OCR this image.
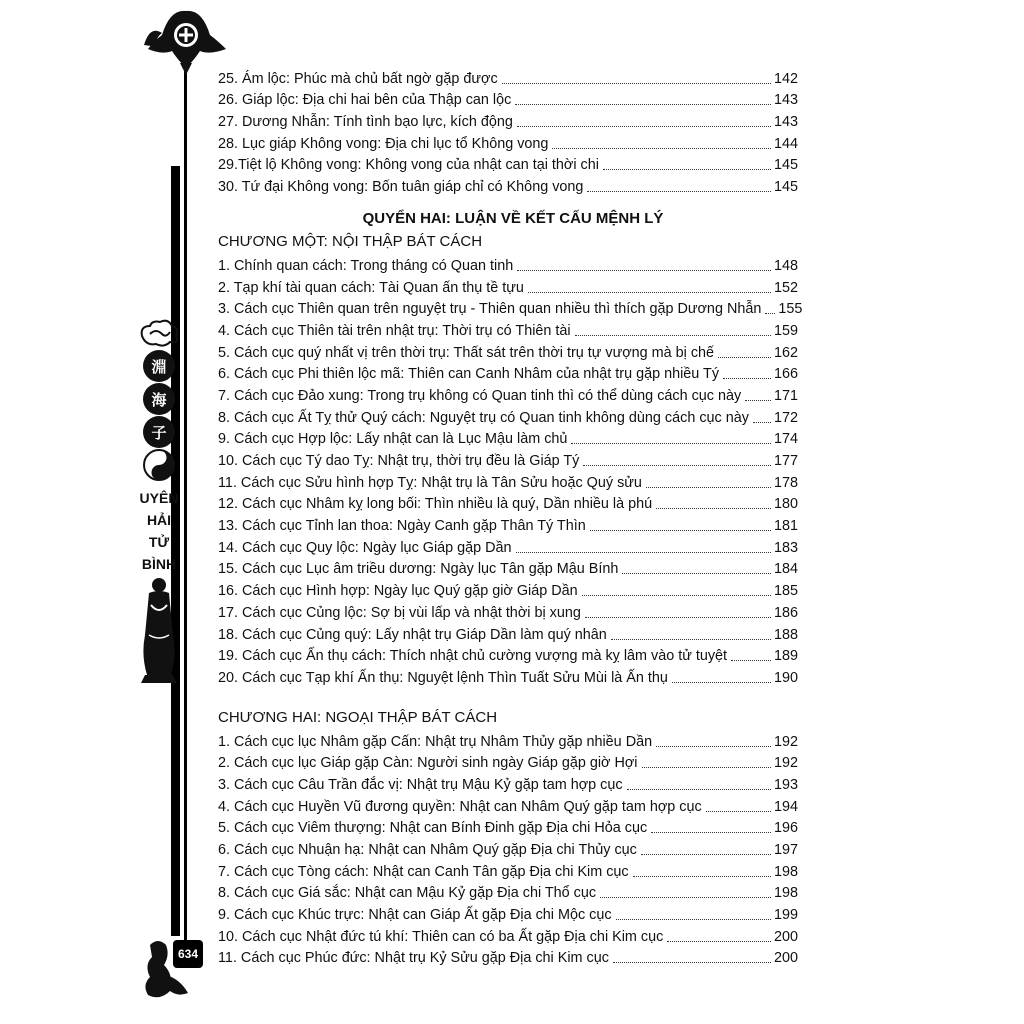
淵
海
子
UYÊN
HẢI
TỬ
BÌNH
634
25. Ám lộc: Phúc mà chủ bất ngờ gặp được	142
26. Giáp lộc: Địa chi hai bên của Thập can lộc	143
27. Dương Nhẫn: Tính tình bạo lực, kích động	143
28. Lục giáp Không vong: Địa chi lục tổ Không vong	144
29.Tiệt lộ Không vong: Không vong của nhật can tại thời chi	145
30. Tứ đại Không vong: Bốn tuân giáp chỉ có Không vong	145
QUYỂN HAI: LUẬN VỀ KẾT CẤU MỆNH LÝ
CHƯƠNG MỘT: NỘI THẬP BÁT CÁCH
1. Chính quan cách: Trong tháng có Quan tinh	148
2. Tạp khí tài quan cách: Tài Quan ấn thụ tề tựu	152
3. Cách cục Thiên quan trên nguyệt trụ - Thiên quan nhiều thì thích gặp Dương Nhẫn 155
4. Cách cục Thiên tài trên nhật trụ: Thời trụ có Thiên tài	159
5. Cách cục quý nhất vị trên thời trụ: Thất sát trên thời trụ tự vượng mà bị chế	162
6. Cách cục Phi thiên lộc mã: Thiên can Canh Nhâm của nhật trụ gặp nhiều Tý	166
7. Cách cục Đảo xung: Trong trụ không có Quan tinh thì có thể dùng cách cục này 171
8. Cách cục Ất Tỵ thử Quý cách: Nguyệt trụ có Quan tinh không dùng cách cục này 172
9. Cách cục Hợp lộc: Lấy nhật can là Lục Mậu làm chủ	174
10. Cách cục Tý dao Tỵ: Nhật trụ, thời trụ đều là Giáp Tý	177
11. Cách cục Sửu hình hợp Tỵ: Nhật trụ là Tân Sửu hoặc Quý sửu	178
12. Cách cục Nhâm kỵ long bối: Thìn nhiều là quý, Dần nhiều là phú	180
13. Cách cục Tỉnh lan thoa: Ngày Canh gặp Thân Tý Thìn	181
14. Cách cục Quy lộc: Ngày lục Giáp gặp Dần	183
15. Cách cục Lục âm triều dương: Ngày lục Tân gặp Mậu Bính	184
16. Cách cục Hình hợp: Ngày lục Quý gặp giờ Giáp Dần	185
17. Cách cục Củng lộc: Sợ bị vùi lấp và nhật thời bị xung	186
18. Cách cục Củng quý: Lấy nhật trụ Giáp Dần làm quý nhân	188
19. Cách cục Ấn thụ cách: Thích nhật chủ cường vượng mà kỵ lâm vào tử tuyệt	189
20. Cách cục Tạp khí Ấn thụ: Nguyệt lệnh Thìn Tuất Sửu Mùi là Ấn thụ	190
CHƯƠNG HAI: NGOẠI THẬP BÁT CÁCH
1. Cách cục lục Nhâm gặp Cấn: Nhật trụ Nhâm Thủy gặp nhiều Dần	192
2. Cách cục lục Giáp gặp Càn: Người sinh ngày Giáp gặp giờ Hợi	192
3. Cách cục Câu Trần đắc vị: Nhật trụ Mậu Kỷ gặp tam hợp cục	193
4. Cách cục Huyền Vũ đương quyền: Nhật can Nhâm Quý gặp tam hợp cục	194
5. Cách cục Viêm thượng: Nhật can Bính Đinh gặp Địa chi Hỏa cục	196
6. Cách cục Nhuận hạ: Nhật can Nhâm Quý gặp Địa chi Thủy cục	197
7. Cách cục Tòng cách: Nhật can Canh Tân gặp Địa chi Kim cục	198
8. Cách cục Giá sắc: Nhật can Mậu Kỷ gặp Địa chi Thổ cục	198
9. Cách cục Khúc trực: Nhật can Giáp Ất gặp Địa chi Mộc cục	199
10. Cách cục Nhật đức tú khí: Thiên can có ba Ất gặp Địa chi Kim cục	200
11. Cách cục Phúc đức: Nhật trụ Kỷ Sửu gặp Địa chi Kim cục	200
